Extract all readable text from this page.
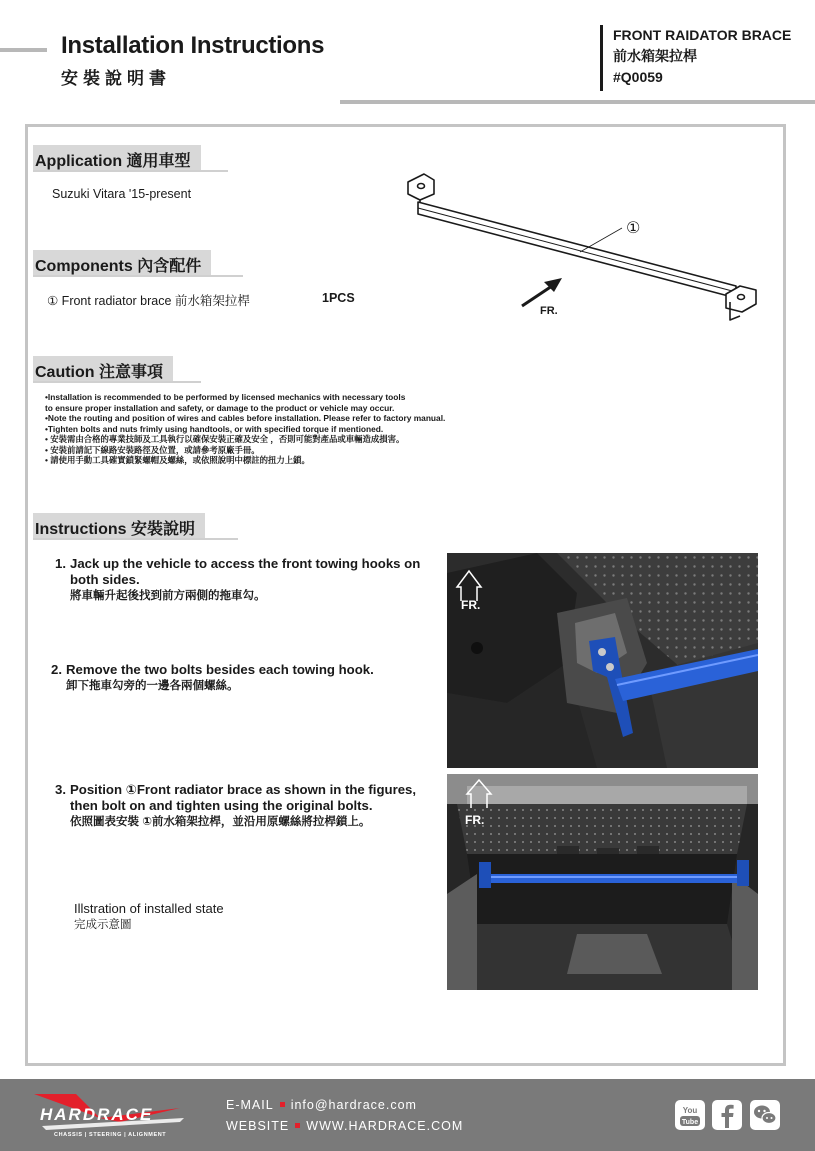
Installation Instructions
安裝說明書
FRONT RAIDATOR BRACE
前水箱架拉桿
#Q0059
Application 適用車型
Suzuki Vitara '15-present
①
FR.
Components 內含配件
① Front radiator brace 前水箱架拉桿	1PCS
Caution 注意事項
•Installation is recommended to be performed by licensed mechanics with necessary tools
to ensure proper installation and safety, or damage to the product or vehicle may occur.
•Note the routing and position of wires and cables before installation. Please refer to factory manual.
•Tighten bolts and nuts frimly using handtools, or with specified torque if mentioned.
• 安裝需由合格的專業技師及工具執行以確保安裝正確及安全 ，否則可能對產品或車輛造成損害。
• 安裝前請記下線路安裝路徑及位置，或請參考原廠手冊。
• 請使用手動工具確實鎖緊螺帽及螺絲，或依照說明中標註的扭力上鎖。
Instructions 安裝說明
1. Jack up the vehicle to access the front towing hooks on
both sides.
將車輛升起後找到前方兩側的拖車勾。
2. Remove the two bolts besides each towing hook.
卸下拖車勾旁的一邊各兩個螺絲。
3. Position ①Front radiator brace as shown in the figures,
then bolt on and tighten using the original bolts.
依照圖表安裝 ①前水箱架拉桿，並沿用原螺絲將拉桿鎖上。
Illstration of installed state
完成示意圖
FR.
FR.
HARDRACE
CHASSIS | STEERING | ALIGNMENT
E-MAIL info@hardrace.com
WEBSITE WWW.HARDRACE.COM
You
Tube
